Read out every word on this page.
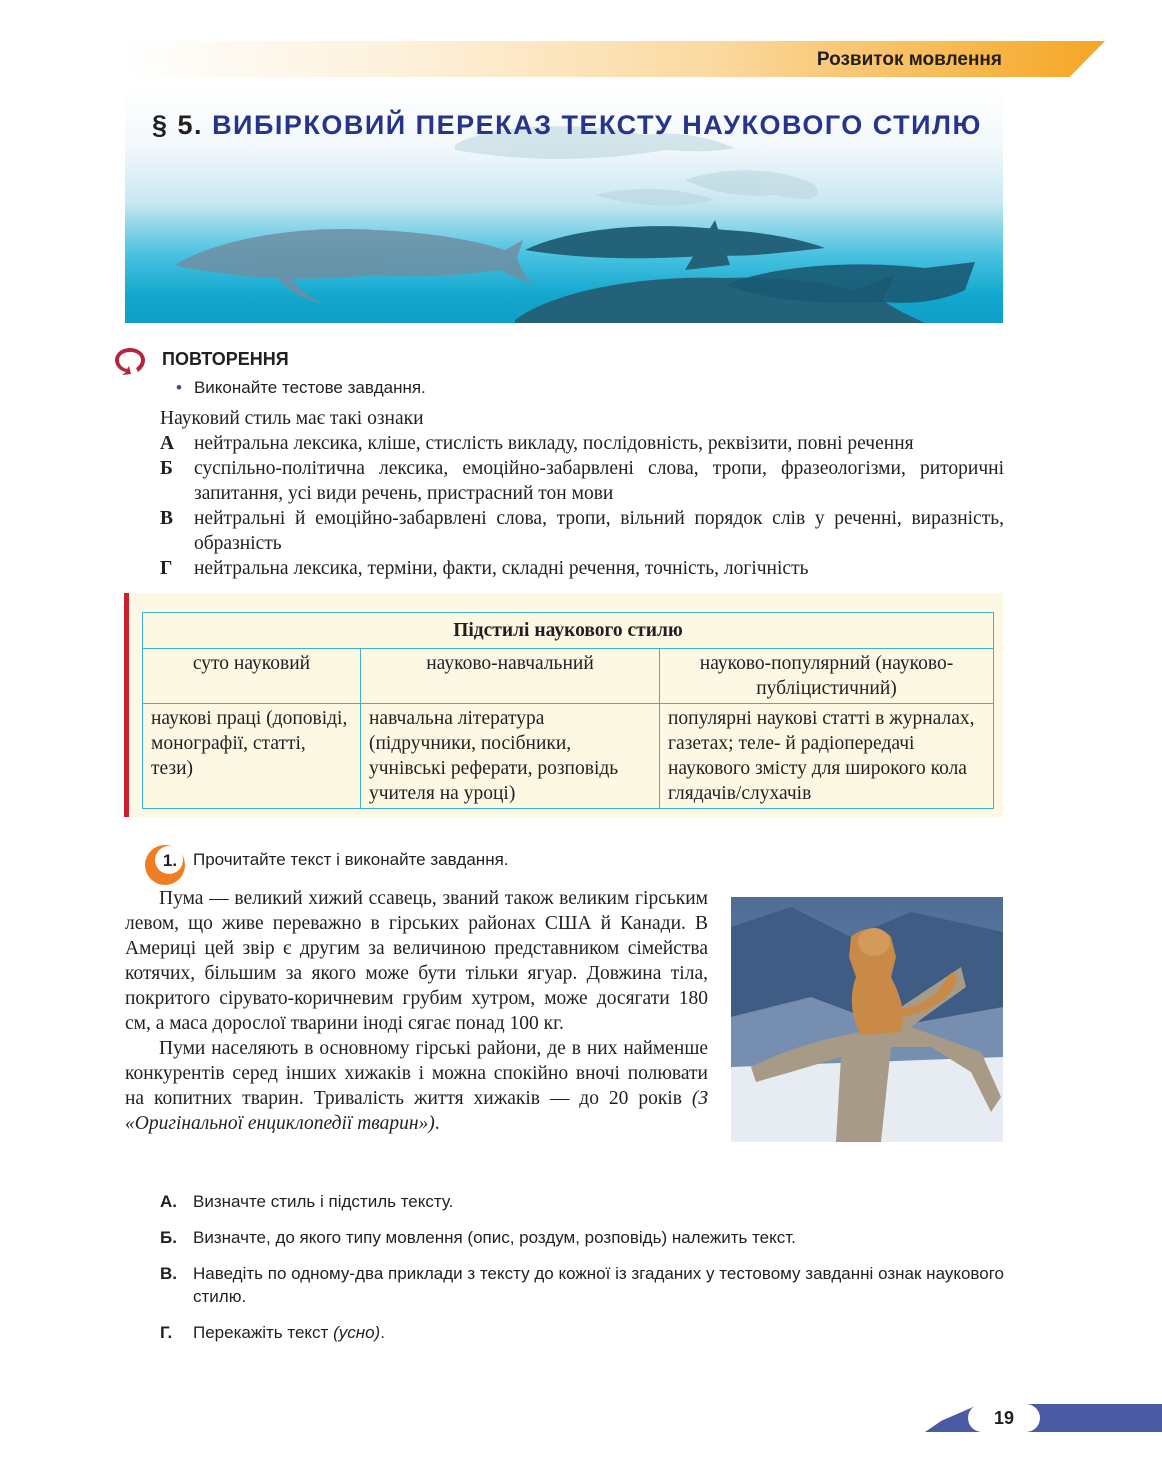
Розвиток мовлення
§ 5. ВИБІРКОВИЙ ПЕРЕКАЗ ТЕКСТУ НАУКОВОГО СТИЛЮ
ПОВТОРЕННЯ
• Виконайте тестове завдання.
Науковий стиль має такі ознаки
А нейтральна лексика, кліше, стислість викладу, послідовність, реквізити, повні речення
Б суспільно-політична лексика, емоційно-забарвлені слова, тропи, фразеологізми, риторичні запитання, усі види речень, пристрасний тон мови
В нейтральні й емоційно-забарвлені слова, тропи, вільний порядок слів у реченні, виразність, образність
Г нейтральна лексика, терміни, факти, складні речення, точність, логічність
Підстилі наукового стилю		
суто науковий	науково-навчальний	науково-популярний (науково-публіцистичний)
наукові праці (доповіді, монографії, статті, тези)	навчальна література (підручники, посібники, учнівські реферати, розповідь учителя на уроці)	популярні наукові статті в журналах, газетах; теле- й радіопередачі наукового змісту для широкого кола глядачів/слухачів
1. Прочитайте текст і виконайте завдання.

Пума — великий хижий ссавець, званий також великим гірським левом, що живе переважно в гірських районах США й Канади. В Америці цей звір є другим за величиною представником сімейства котячих, більшим за якого може бути тільки ягуар. Довжина тіла, покритого сірувато-коричневим грубим хутром, може досягати 180 см, а маса дорослої тварини іноді сягає понад 100 кг.

Пуми населяють в основному гірські райони, де в них найменше конкурентів серед інших хижаків і можна спокійно вночі полювати на копитних тварин. Тривалість життя хижаків — до 20 років (З «Оригінальної енциклопедії тварин»).

А. Визначте стиль і підстиль тексту.
Б. Визначте, до якого типу мовлення (опис, роздум, розповідь) належить текст.
В. Наведіть по одному-два приклади з тексту до кожної із згаданих у тестовому завданні ознак наукового стилю.
Г. Перекажіть текст (усно).
19
